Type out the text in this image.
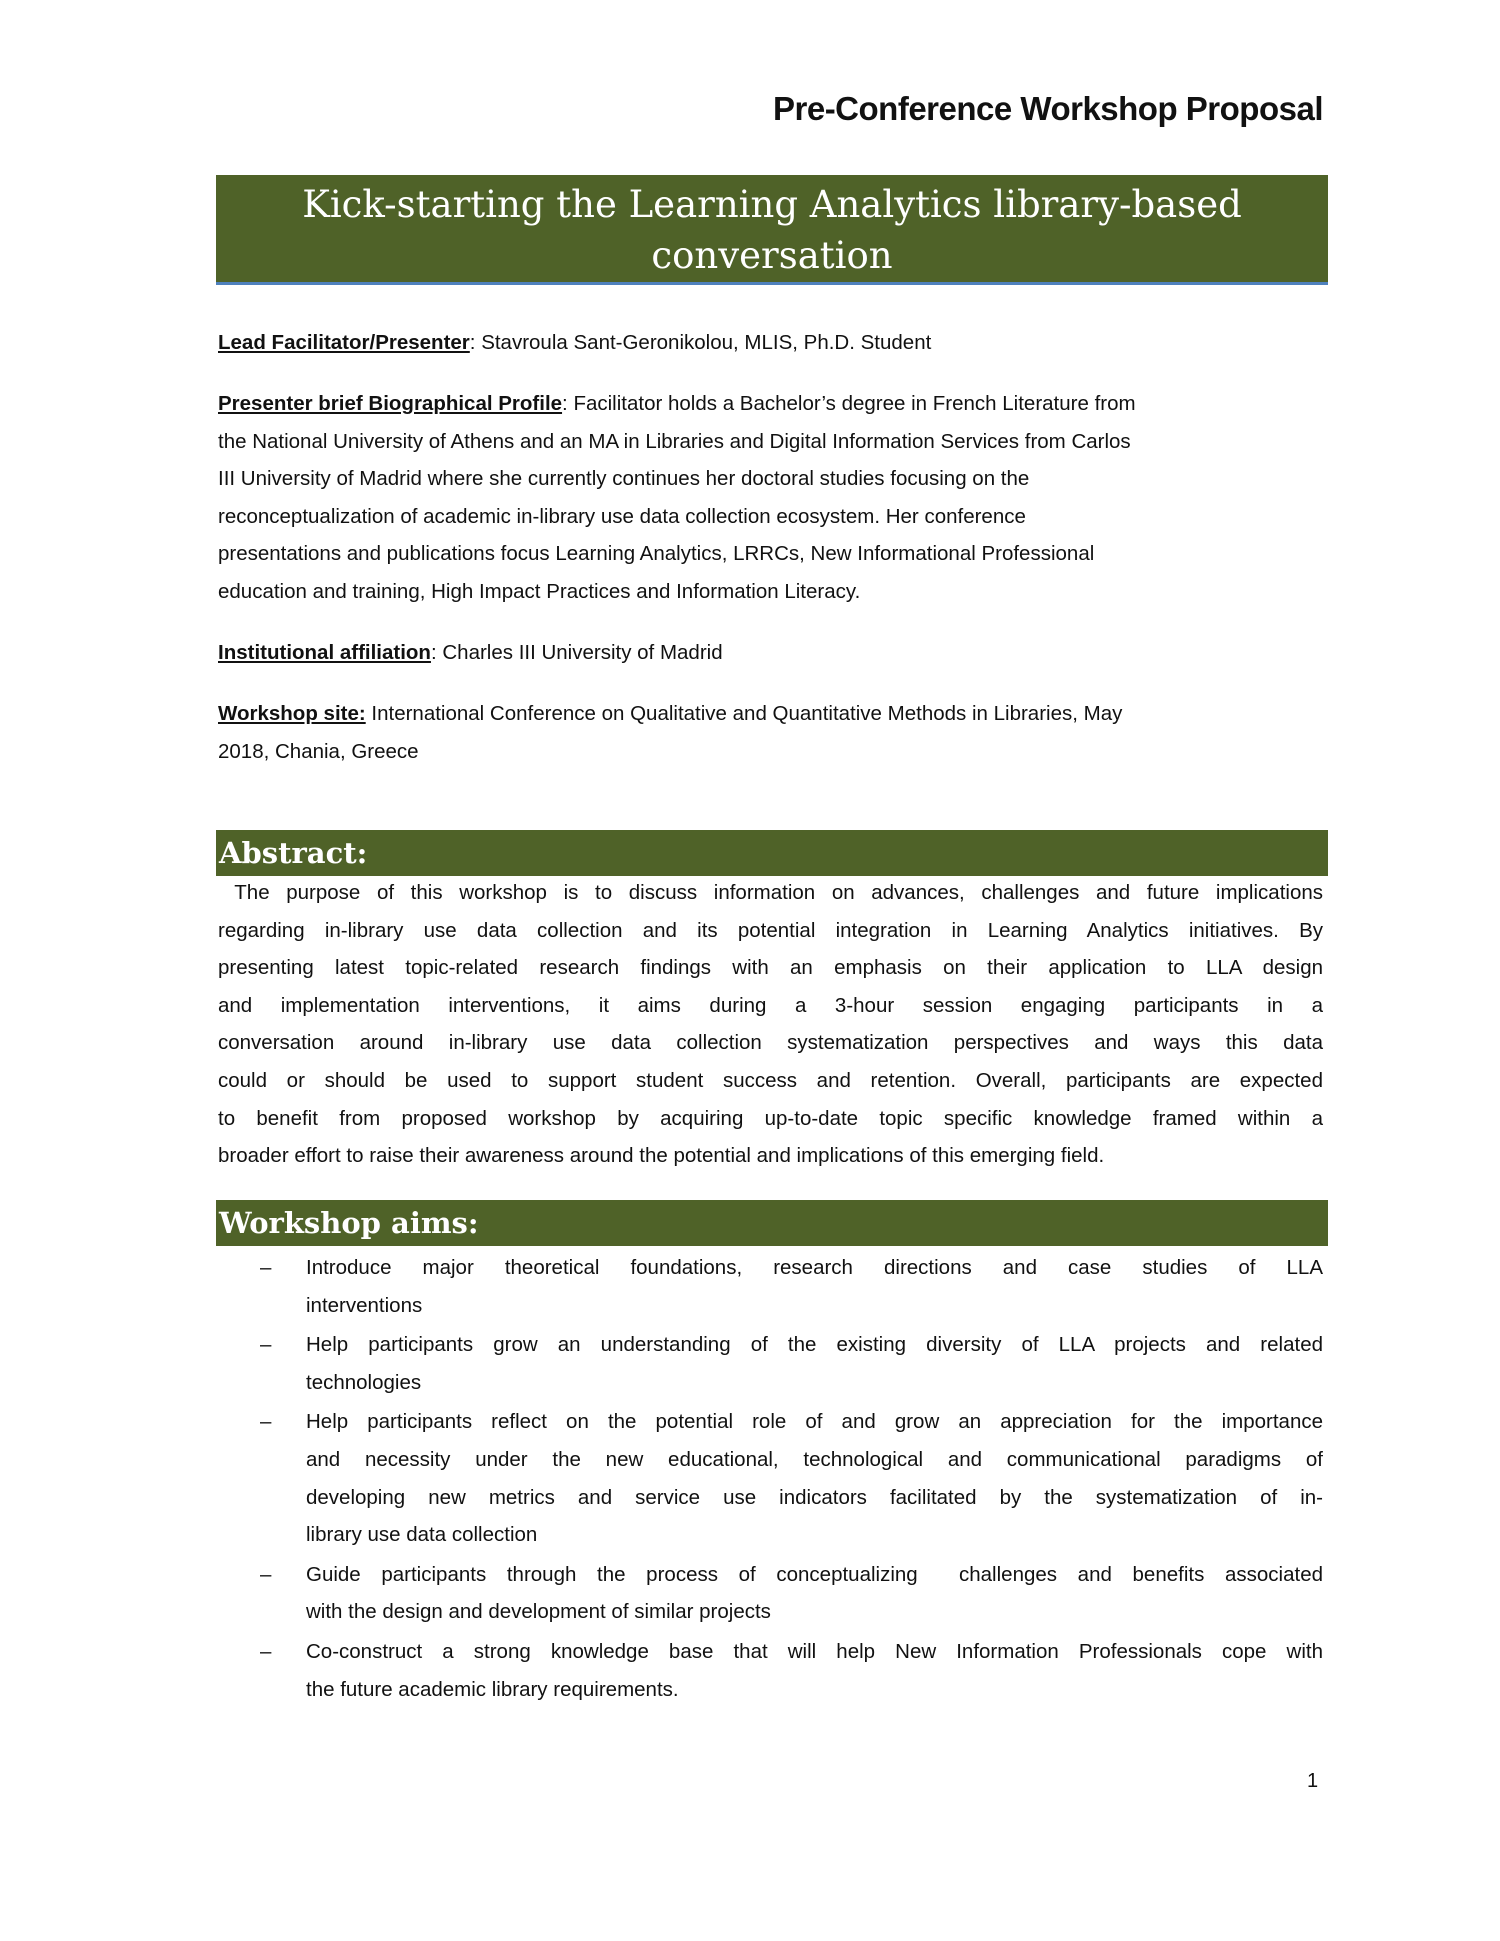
Pre-Conference Workshop Proposal
Kick-starting the Learning Analytics library-based
conversation
Lead Facilitator/Presenter: Stavroula Sant-Geronikolou, MLIS, Ph.D. Student
Presenter brief Biographical Profile: Facilitator holds a Bachelor’s degree in French Literature from
the National University of Athens and an MA in Libraries and Digital Information Services from Carlos
III University of Madrid where she currently continues her doctoral studies focusing on the
reconceptualization of academic in-library use data collection ecosystem. Her conference
presentations and publications focus Learning Analytics, LRRCs, New Informational Professional
education and training, High Impact Practices and Information Literacy.
Institutional affiliation: Charles III University of Madrid
Workshop site: International Conference on Qualitative and Quantitative Methods in Libraries, May
2018, Chania, Greece
Abstract:
The purpose of this workshop is to discuss information on advances, challenges and future implications
regarding in-library use data collection and its potential integration in Learning Analytics initiatives. By
presenting latest topic-related research findings with an emphasis on their application to LLA design
and implementation interventions, it aims during a 3-hour session engaging participants in a
conversation around in-library use data collection systematization perspectives and ways this data
could or should be used to support student success and retention. Overall, participants are expected
to benefit from proposed workshop by acquiring up-to-date topic specific knowledge framed within a
broader effort to raise their awareness around the potential and implications of this emerging field.
Workshop aims:
– Introduce major theoretical foundations, research directions and case studies of LLA
interventions
– Help participants grow an understanding of the existing diversity of LLA projects and related
technologies
– Help participants reflect on the potential role of and grow an appreciation for the importance
and necessity under the new educational, technological and communicational paradigms of
developing new metrics and service use indicators facilitated by the systematization of in-
library use data collection
– Guide participants through the process of conceptualizing  challenges and benefits associated
with the design and development of similar projects
– Co-construct a strong knowledge base that will help New Information Professionals cope with
the future academic library requirements.
1
